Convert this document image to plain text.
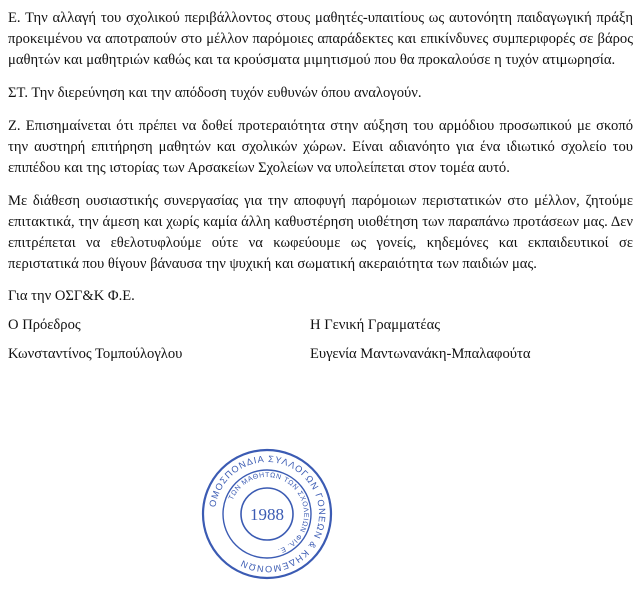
Ε. Την αλλαγή του σχολικού περιβάλλοντος στους μαθητές-υπαιτίους ως αυτονόητη παιδαγωγική πράξη προκειμένου να αποτραπούν στο μέλλον παρόμοιες απαράδεκτες και επικίνδυνες συμπεριφορές σε βάρος μαθητών και μαθητριών καθώς και τα κρούσματα μιμητισμού που θα προκαλούσε η τυχόν ατιμωρησία.

ΣΤ. Την διερεύνηση και την απόδοση τυχόν ευθυνών όπου αναλογούν.

Ζ. Επισημαίνεται ότι πρέπει να δοθεί προτεραιότητα στην αύξηση του αρμόδιου προσωπικού με σκοπό την αυστηρή επιτήρηση μαθητών και σχολικών χώρων. Είναι αδιανόητο για ένα ιδιωτικό σχολείο του επιπέδου και της ιστορίας των Αρσακείων Σχολείων να υπολείπεται στον τομέα αυτό.

Με διάθεση ουσιαστικής συνεργασίας για την αποφυγή παρόμοιων περιστατικών στο μέλλον, ζητούμε επιτακτικά, την άμεση και χωρίς καμία άλλη καθυστέρηση υιοθέτηση των παραπάνω προτάσεων μας. Δεν επιτρέπεται να εθελοτυφλούμε ούτε να κωφεύουμε ως γονείς, κηδεμόνες και εκπαιδευτικοί σε περιστατικά που θίγουν βάναυσα την ψυχική και σωματική ακεραιότητα των παιδιών μας.

Για την ΟΣΓ&Κ Φ.Ε.
Ο Πρόεδρος	Η Γενική Γραμματέας
Κωνσταντίνος Τομπούλογλου	Ευγενία Μαντωνανάκη-Μπαλαφούτα
ΟΜΟΣΠΟΝΔΙΑ ΣΥΛΛΟΓΩΝ ΓΟΝΕΩΝ & ΚΗΔΕΜΟΝΩΝ
ΤΩΝ ΜΑΘΗΤΩΝ ΤΩΝ ΣΧΟΛΕΙΩΝ ΦΙΛ. Ε.
1988
